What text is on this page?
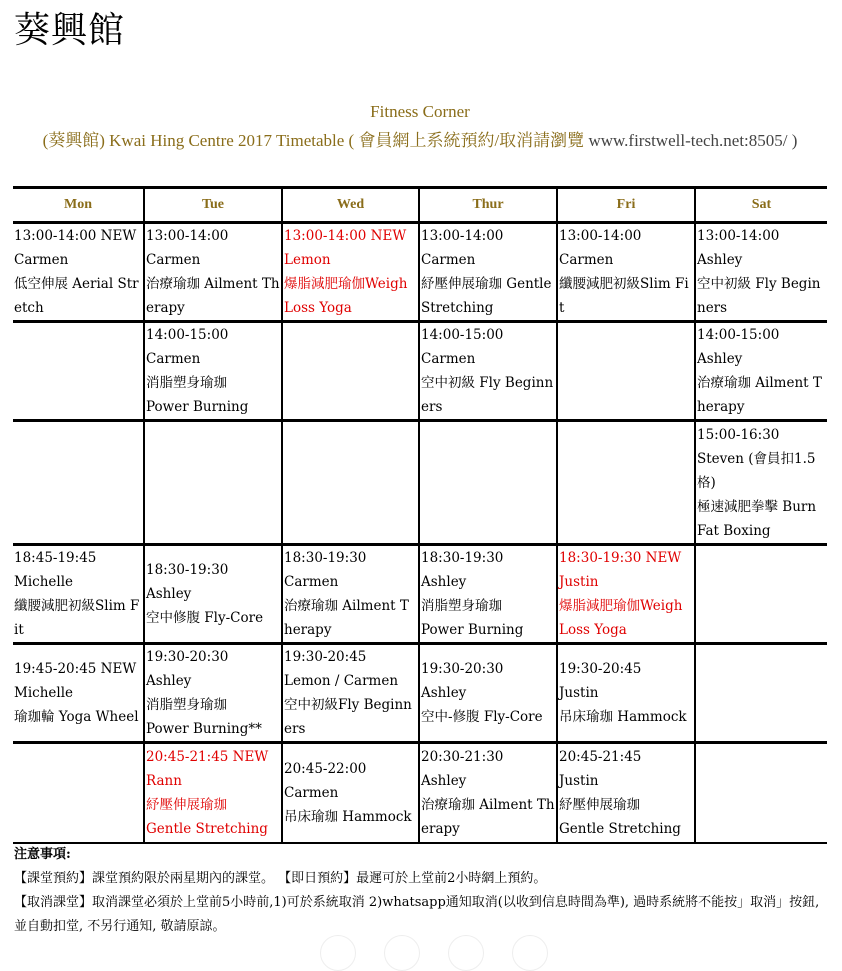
葵興館
Fitness Corner
(葵興館) Kwai Hing Centre 2017 Timetable ( 會員網上系統預約/取消請瀏覽 www.firstwell-tech.net:8505/ )
Mon	Tue	Wed	Thur	Fri	Sat

13:00-14:00 NEW
Carmen
低空伸展 Aerial Stretch	13:00-14:00
Carmen
治療瑜珈 Ailment Therapy	13:00-14:00 NEW
Lemon
爆脂減肥瑜伽Weigh Loss Yoga	13:00-14:00
Carmen
紓壓伸展瑜珈 Gentle Stretching	13:00-14:00
Carmen
纖腰減肥初級Slim Fit	13:00-14:00
Ashley
空中初級 Fly Beginners

	14:00-15:00
Carmen
消脂塑身瑜珈
Power Burning		14:00-15:00
Carmen
空中初級 Fly Beginners		14:00-15:00
Ashley
治療瑜珈 Ailment Therapy

					15:00-16:30
Steven (會員扣1.5格)
極速減肥拳擊 Burn Fat Boxing

18:45-19:45
Michelle
纖腰減肥初級Slim Fit	18:30-19:30
Ashley
空中修腹 Fly-Core	18:30-19:30
Carmen
治療瑜珈 Ailment Therapy	18:30-19:30
Ashley
消脂塑身瑜珈
Power Burning	18:30-19:30 NEW
Justin
爆脂減肥瑜伽Weigh Loss Yoga	

19:45-20:45 NEW
Michelle
瑜珈輪 Yoga Wheel	19:30-20:30
Ashley
消脂塑身瑜珈
Power Burning**	19:30-20:45
Lemon / Carmen
空中初級Fly Beginners	19:30-20:30
Ashley
空中-修腹 Fly-Core	19:30-20:45
Justin
吊床瑜珈 Hammock	

	20:45-21:45 NEW
Rann
紓壓伸展瑜珈
Gentle Stretching	20:45-22:00
Carmen
吊床瑜珈 Hammock	20:30-21:30
Ashley
治療瑜珈 Ailment Therapy	20:45-21:45
Justin
紓壓伸展瑜珈
Gentle Stretching	

注意事項:

【課堂預約】課堂預約限於兩星期內的課堂。 【即日預約】最遲可於上堂前2小時網上預約。

【取消課堂】取消課堂必須於上堂前5小時前,1)可於系統取消 2)whatsapp通知取消(以收到信息時間為準), 過時系統將不能按」取消」按鈕, 並自動扣堂, 不另行通知, 敬請原諒。
